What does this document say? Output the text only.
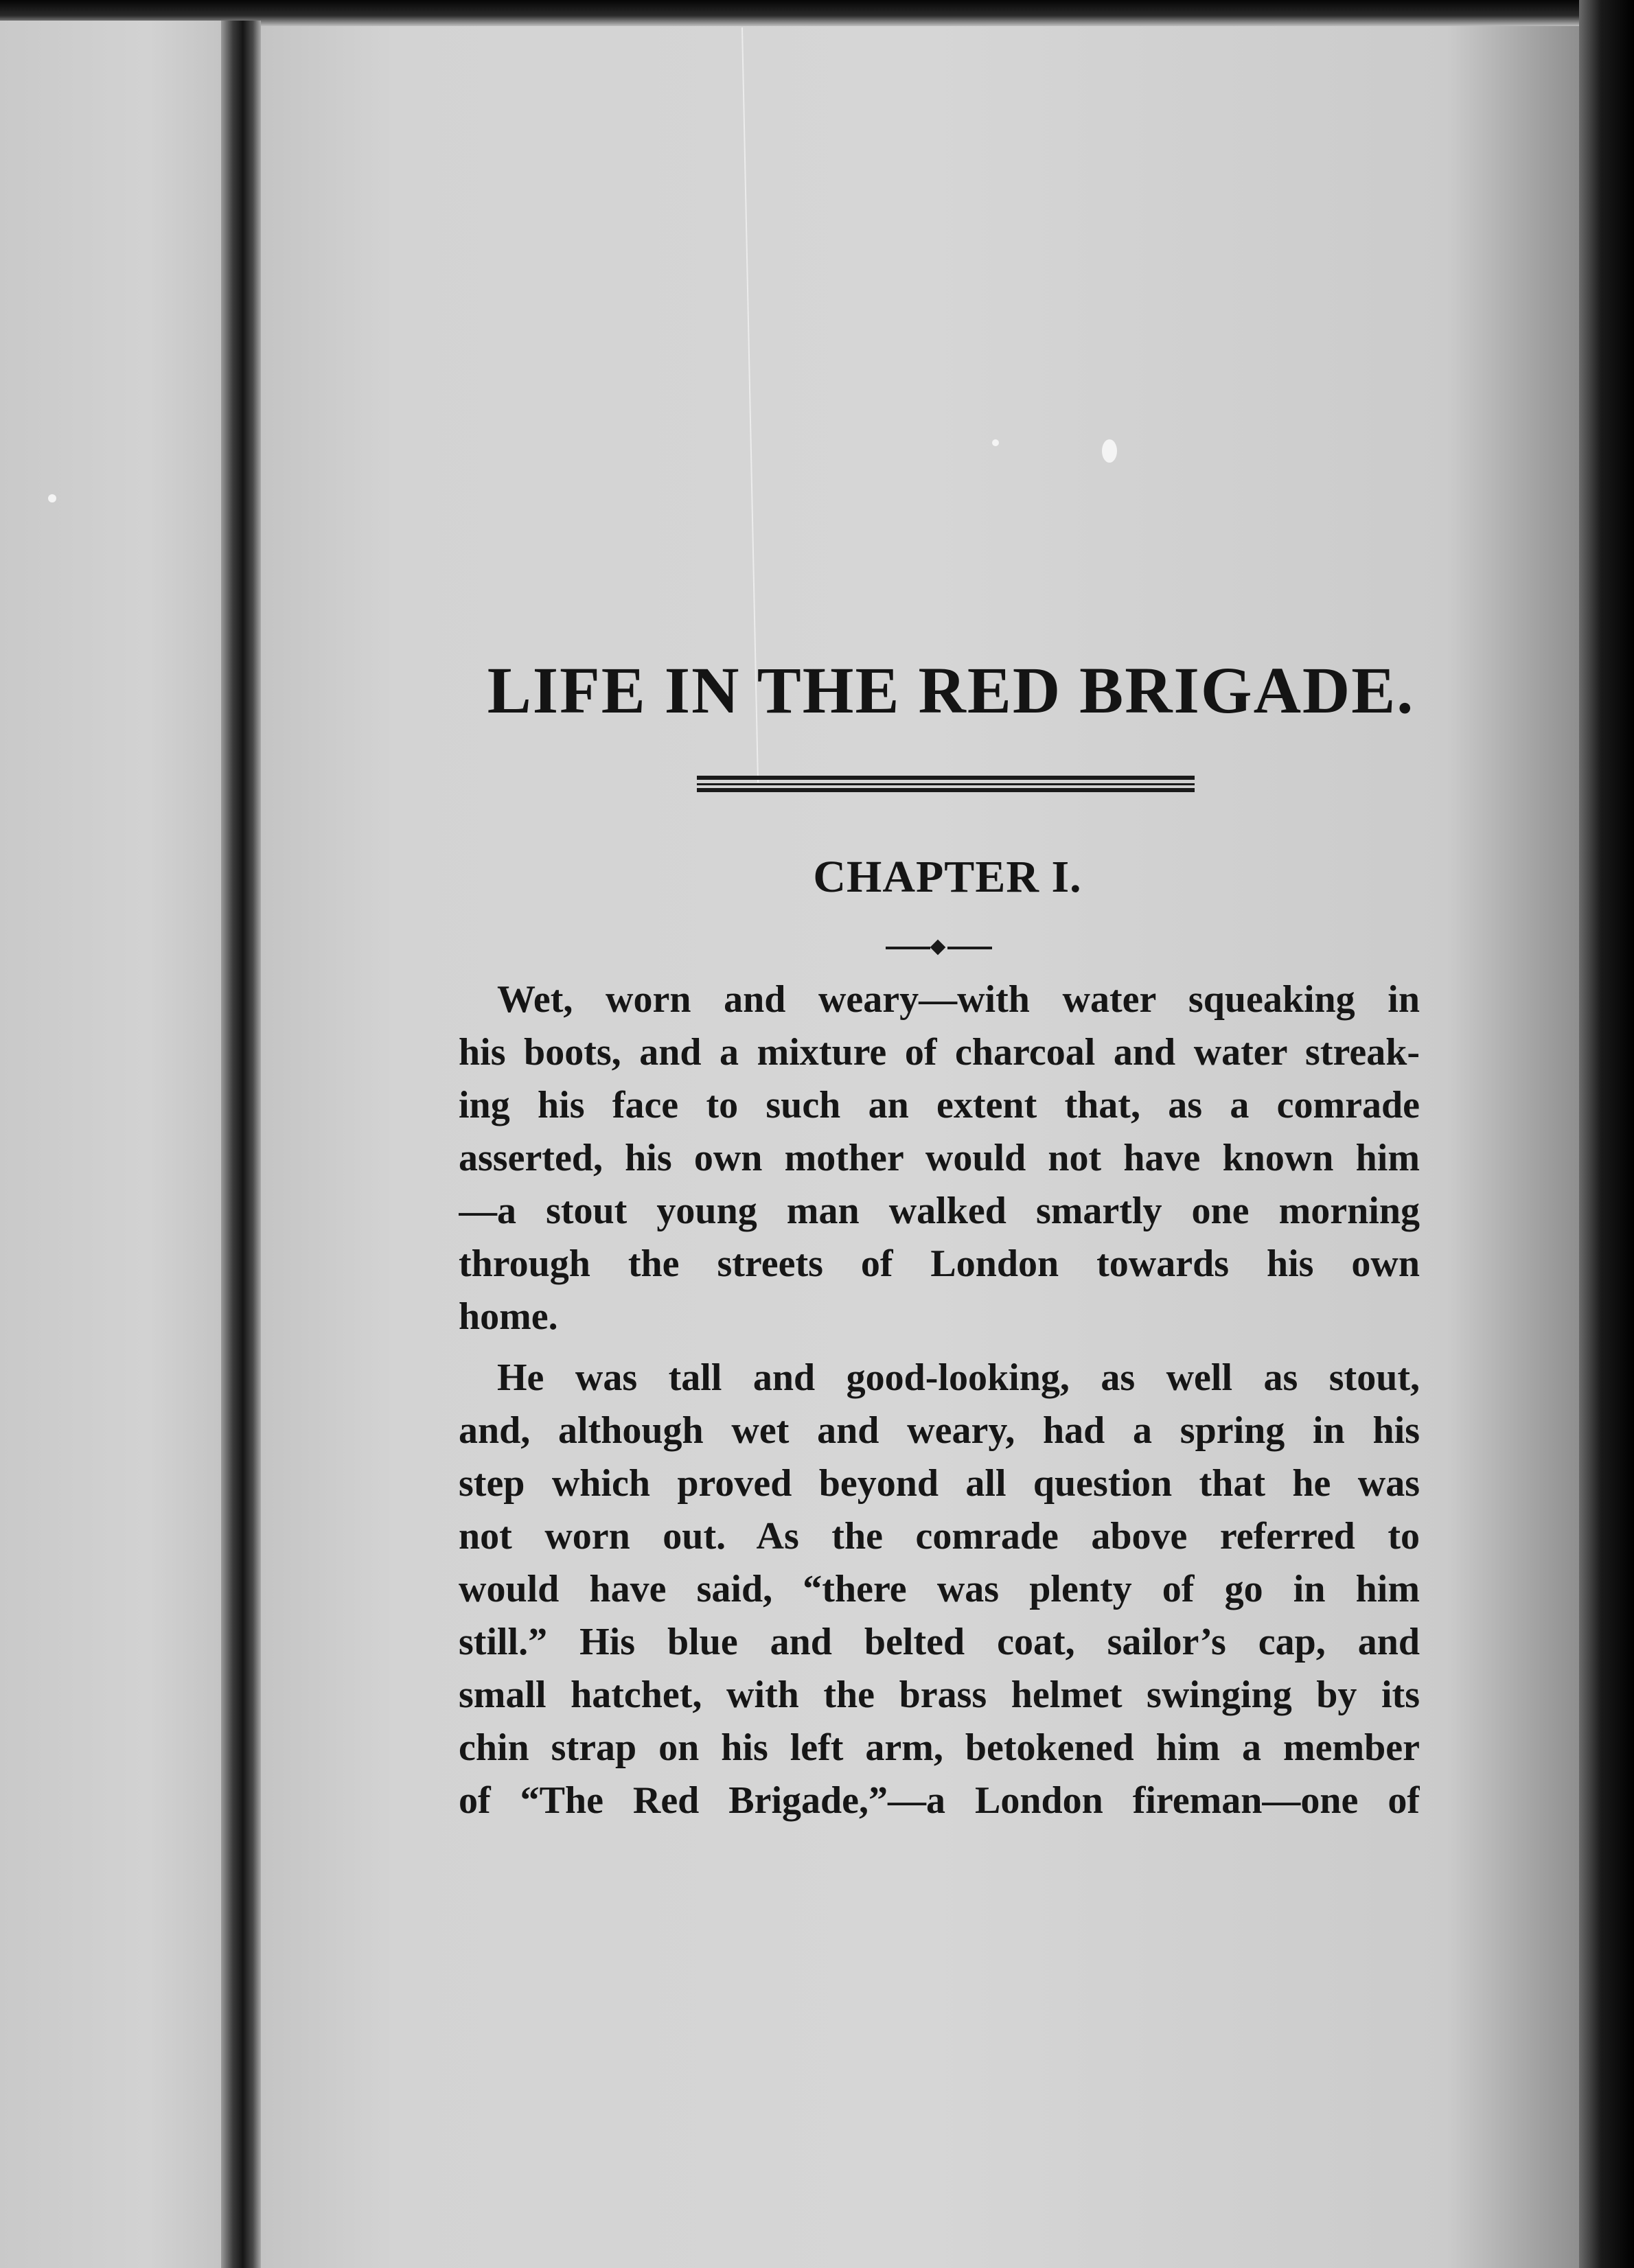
LIFE IN THE RED BRIGADE.
CHAPTER I.
Wet, worn and weary—with water squeaking in
his boots, and a mixture of charcoal and water streak-
ing his face to such an extent that, as a comrade
asserted, his own mother would not have known him
—a stout young man walked smartly one morning
through the streets of London towards his own
home.
He was tall and good-looking, as well as stout,
and, although wet and weary, had a spring in his
step which proved beyond all question that he was
not worn out. As the comrade above referred to
would have said, “there was plenty of go in him
still.” His blue and belted coat, sailor’s cap, and
small hatchet, with the brass helmet swinging by its
chin strap on his left arm, betokened him a member
of “The Red Brigade,”—a London fireman—one of
